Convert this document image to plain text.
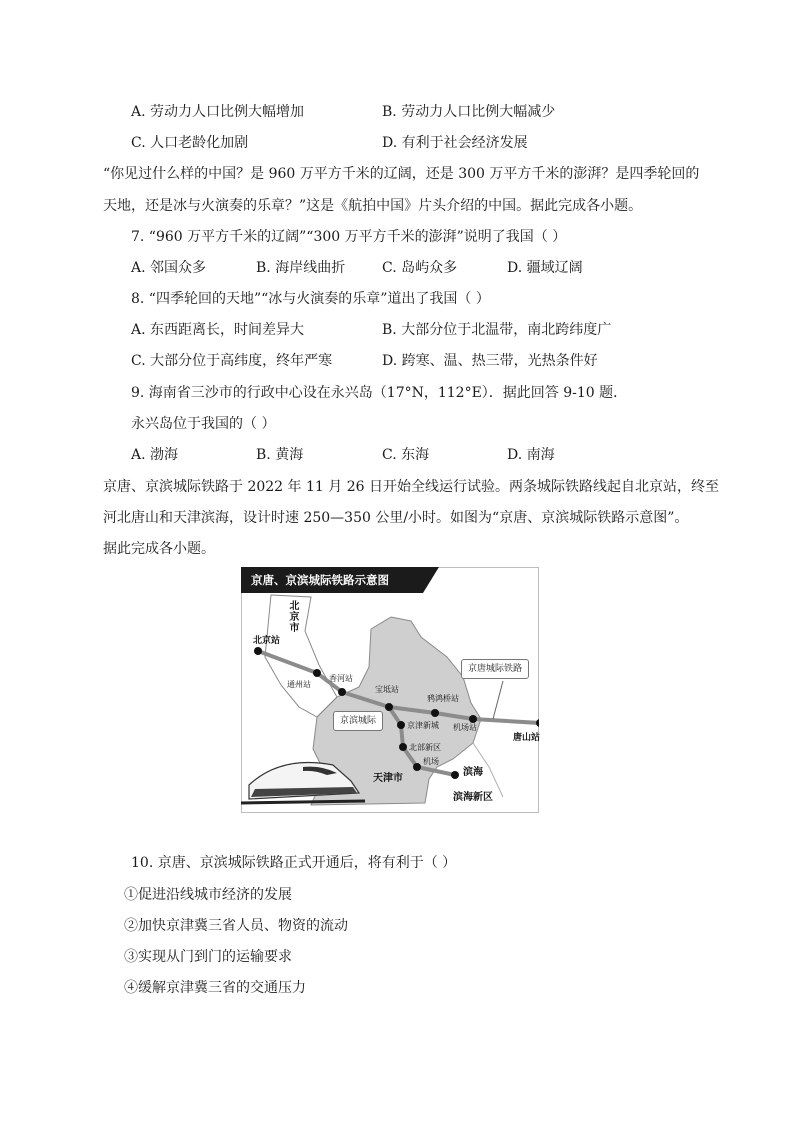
A. 劳动力人口比例大幅增加	B. 劳动力人口比例大幅减少
C. 人口老龄化加剧	D. 有利于社会经济发展
“你见过什么样的中国？是 960 万平方千米的辽阔，还是 300 万平方千米的澎湃？是四季轮回的
天地，还是冰与火演奏的乐章？”这是《航拍中国》片头介绍的中国。据此完成各小题。
7. “960 万平方千米的辽阔”“300 万平方千米的澎湃”说明了我国（ ）
A. 邻国众多	B. 海岸线曲折	C. 岛屿众多	D. 疆域辽阔
8. “四季轮回的天地”“冰与火演奏的乐章”道出了我国（ ）
A. 东西距离长，时间差异大	B. 大部分位于北温带，南北跨纬度广
C. 大部分位于高纬度，终年严寒	D. 跨寒、温、热三带，光热条件好
9. 海南省三沙市的行政中心设在永兴岛（17°N，112°E）．据此回答 9-10 题．
永兴岛位于我国的（ ）
A. 渤海	B. 黄海	C. 东海	D. 南海
京唐、京滨城际铁路于 2022 年 11 月 26 日开始全线运行试验。两条城际铁路线起自北京站，终至
河北唐山和天津滨海，设计时速 250—350 公里/小时。如图为“京唐、京滨城际铁路示意图”。
据此完成各小题。
京唐、京滨城际铁路示意图
北京市
北京站
通州站
香河站
宝坻站
鸦鸿桥站
机场站
唐山站
京津新城
北部新区
机场
滨海
天津市
滨海新区
京唐城际铁路
京滨城际
10. 京唐、京滨城际铁路正式开通后，将有利于（ ）
①促进沿线城市经济的发展
②加快京津冀三省人员、物资的流动
③实现从门到门的运输要求
④缓解京津冀三省的交通压力
